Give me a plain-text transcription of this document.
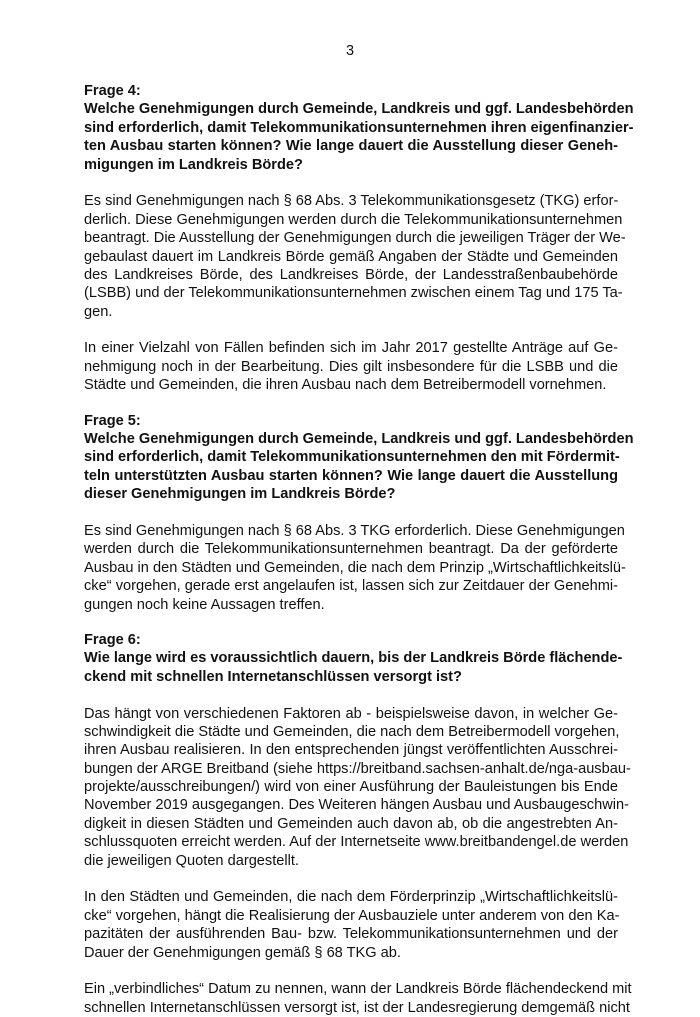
3
Frage 4:
Welche Genehmigungen durch Gemeinde, Landkreis und ggf. Landesbehörden
sind erforderlich, damit Telekommunikationsunternehmen ihren eigenfinanzier-
ten Ausbau starten können? Wie lange dauert die Ausstellung dieser Geneh-
migungen im Landkreis Börde?
Es sind Genehmigungen nach § 68 Abs. 3 Telekommunikationsgesetz (TKG) erfor-
derlich. Diese Genehmigungen werden durch die Telekommunikationsunternehmen
beantragt. Die Ausstellung der Genehmigungen durch die jeweiligen Träger der We-
gebaulast dauert im Landkreis Börde gemäß Angaben der Städte und Gemeinden
des Landkreises Börde, des Landkreises Börde, der Landesstraßenbaubehörde
(LSBB) und der Telekommunikationsunternehmen zwischen einem Tag und 175 Ta-
gen.
In einer Vielzahl von Fällen befinden sich im Jahr 2017 gestellte Anträge auf Ge-
nehmigung noch in der Bearbeitung. Dies gilt insbesondere für die LSBB und die
Städte und Gemeinden, die ihren Ausbau nach dem Betreibermodell vornehmen.
Frage 5:
Welche Genehmigungen durch Gemeinde, Landkreis und ggf. Landesbehörden
sind erforderlich, damit Telekommunikationsunternehmen den mit Fördermit-
teln unterstützten Ausbau starten können? Wie lange dauert die Ausstellung
dieser Genehmigungen im Landkreis Börde?
Es sind Genehmigungen nach § 68 Abs. 3 TKG erforderlich. Diese Genehmigungen
werden durch die Telekommunikationsunternehmen beantragt. Da der geförderte
Ausbau in den Städten und Gemeinden, die nach dem Prinzip „Wirtschaftlichkeitslü-
cke“ vorgehen, gerade erst angelaufen ist, lassen sich zur Zeitdauer der Genehmi-
gungen noch keine Aussagen treffen.
Frage 6:
Wie lange wird es voraussichtlich dauern, bis der Landkreis Börde flächende-
ckend mit schnellen Internetanschlüssen versorgt ist?
Das hängt von verschiedenen Faktoren ab - beispielsweise davon, in welcher Ge-
schwindigkeit die Städte und Gemeinden, die nach dem Betreibermodell vorgehen,
ihren Ausbau realisieren. In den entsprechenden jüngst veröffentlichten Ausschrei-
bungen der ARGE Breitband (siehe https://breitband.sachsen-anhalt.de/nga-ausbau-
projekte/ausschreibungen/) wird von einer Ausführung der Bauleistungen bis Ende
November 2019 ausgegangen. Des Weiteren hängen Ausbau und Ausbaugeschwin-
digkeit in diesen Städten und Gemeinden auch davon ab, ob die angestrebten An-
schlussquoten erreicht werden. Auf der Internetseite www.breitbandengel.de werden
die jeweiligen Quoten dargestellt.
In den Städten und Gemeinden, die nach dem Förderprinzip „Wirtschaftlichkeitslü-
cke“ vorgehen, hängt die Realisierung der Ausbauziele unter anderem von den Ka-
pazitäten der ausführenden Bau- bzw. Telekommunikationsunternehmen und der
Dauer der Genehmigungen gemäß § 68 TKG ab.
Ein „verbindliches“ Datum zu nennen, wann der Landkreis Börde flächendeckend mit
schnellen Internetanschlüssen versorgt ist, ist der Landesregierung demgemäß nicht
